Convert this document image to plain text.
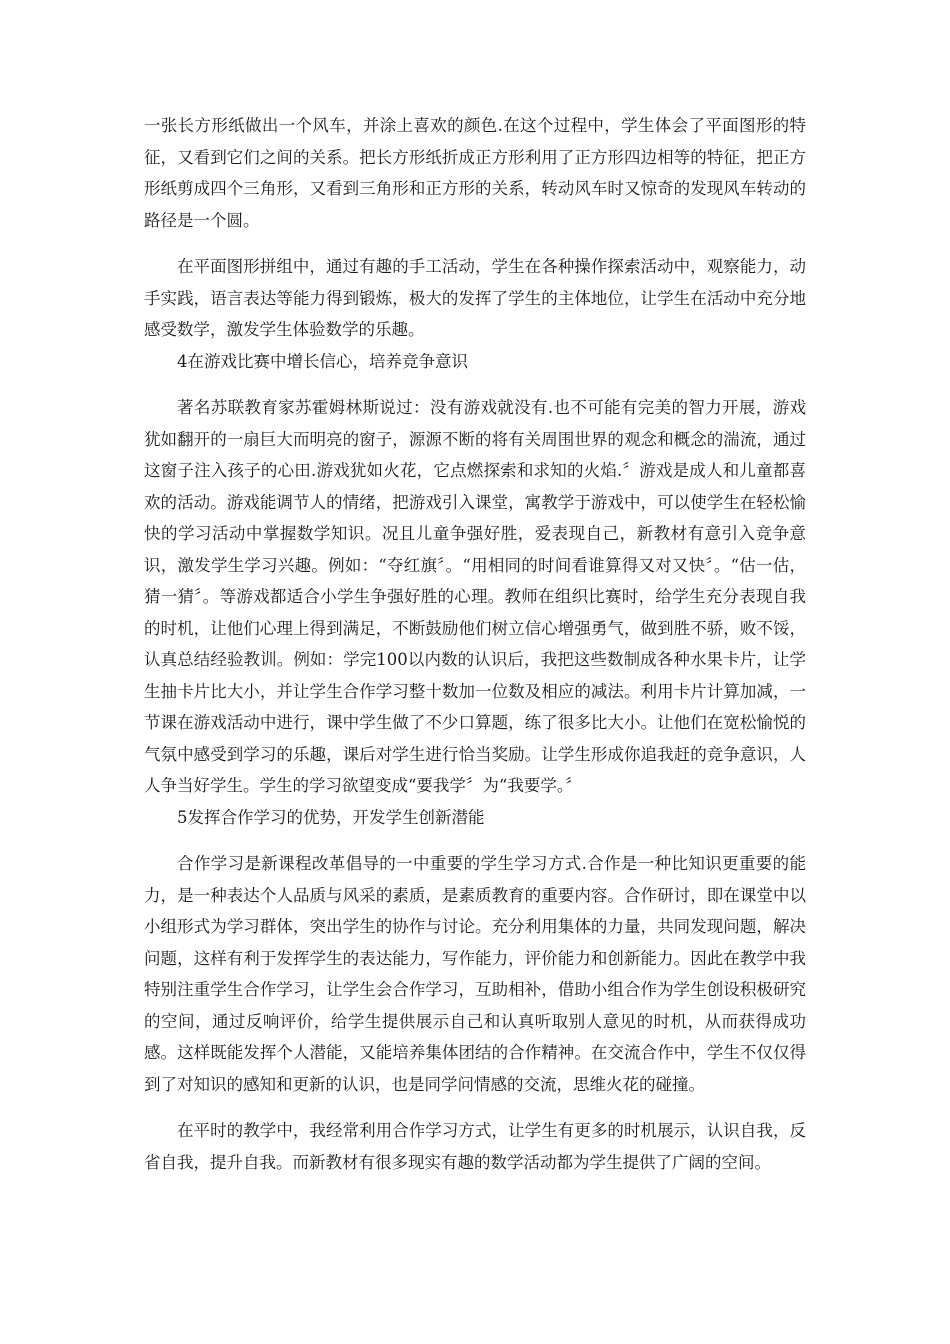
一张长方形纸做出一个风车，并涂上喜欢的颜色.在这个过程中，学生体会了平面图形的特征，又看到它们之间的关系。把长方形纸折成正方形利用了正方形四边相等的特征，把正方形纸剪成四个三角形，又看到三角形和正方形的关系，转动风车时又惊奇的发现风车转动的路径是一个圆。

在平面图形拼组中，通过有趣的手工活动，学生在各种操作探索活动中，观察能力，动手实践，语言表达等能力得到锻炼，极大的发挥了学生的主体地位，让学生在活动中充分地感受数学，激发学生体验数学的乐趣。

4在游戏比赛中增长信心，培养竞争意识

著名苏联教育家苏霍姆林斯说过：没有游戏就没有.也不可能有完美的智力开展，游戏犹如翻开的一扇巨大而明亮的窗子，源源不断的将有关周围世界的观念和概念的湍流，通过这窗子注入孩子的心田.游戏犹如火花，它点燃探索和求知的火焰.〞游戏是成人和儿童都喜欢的活动。游戏能调节人的情绪，把游戏引入课堂，寓教学于游戏中，可以使学生在轻松愉快的学习活动中掌握数学知识。况且儿童争强好胜，爱表现自己，新教材有意引入竞争意识，激发学生学习兴趣。例如：“夺红旗〞。“用相同的时间看谁算得又对又快〞。“估一估，猜一猜〞。等游戏都适合小学生争强好胜的心理。教师在组织比赛时，给学生充分表现自我的时机，让他们心理上得到满足，不断鼓励他们树立信心增强勇气，做到胜不骄，败不馁，认真总结经验教训。例如：学完100以内数的认识后，我把这些数制成各种水果卡片，让学生抽卡片比大小，并让学生合作学习整十数加一位数及相应的减法。利用卡片计算加减，一节课在游戏活动中进行，课中学生做了不少口算题，练了很多比大小。让他们在宽松愉悦的气氛中感受到学习的乐趣，课后对学生进行恰当奖励。让学生形成你追我赶的竞争意识，人人争当好学生。学生的学习欲望变成“要我学〞为“我要学。〞

5发挥合作学习的优势，开发学生创新潜能

合作学习是新课程改革倡导的一中重要的学生学习方式.合作是一种比知识更重要的能力，是一种表达个人品质与风采的素质，是素质教育的重要内容。合作研讨，即在课堂中以小组形式为学习群体，突出学生的协作与讨论。充分利用集体的力量，共同发现问题，解决问题，这样有利于发挥学生的表达能力，写作能力，评价能力和创新能力。因此在教学中我特别注重学生合作学习，让学生会合作学习，互助相补，借助小组合作为学生创设积极研究的空间，通过反响评价，给学生提供展示自己和认真听取别人意见的时机，从而获得成功感。这样既能发挥个人潜能，又能培养集体团结的合作精神。在交流合作中，学生不仅仅得到了对知识的感知和更新的认识，也是同学问情感的交流，思维火花的碰撞。

在平时的教学中，我经常利用合作学习方式，让学生有更多的时机展示，认识自我，反省自我，提升自我。而新教材有很多现实有趣的数学活动都为学生提供了广阔的空间。
